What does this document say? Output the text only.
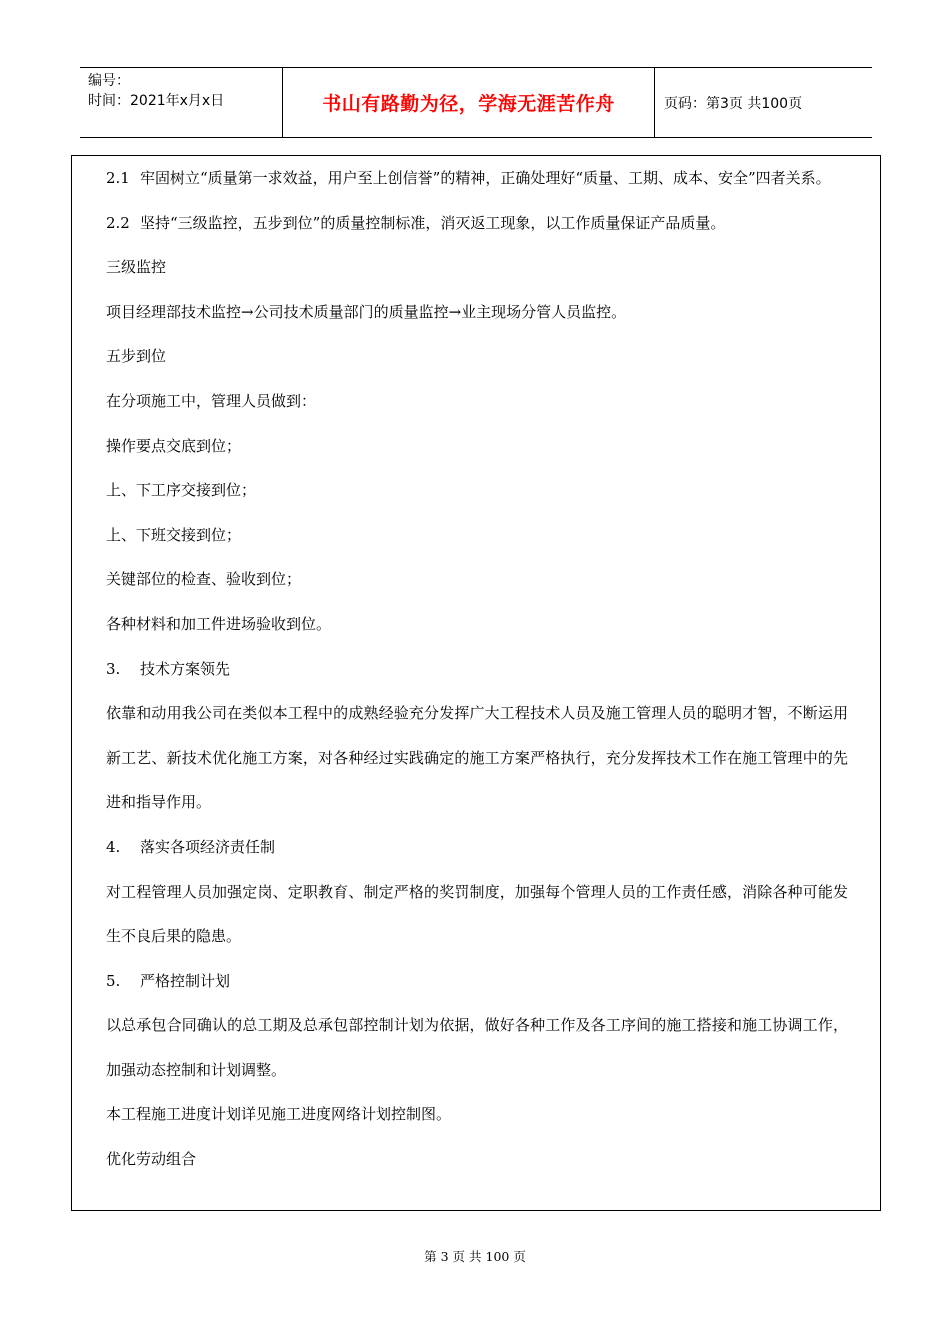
编号：
时间：2021年x月x日	书山有路勤为径，学海无涯苦作舟	页码：第3页 共100页

2.1 牢固树立“质量第一求效益，用户至上创信誉”的精神，正确处理好“质量、工期、成本、安全”四者关系。

2.2 坚持“三级监控，五步到位”的质量控制标准，消灭返工现象，以工作质量保证产品质量。

三级监控

项目经理部技术监控→公司技术质量部门的质量监控→业主现场分管人员监控。

五步到位

在分项施工中，管理人员做到：

操作要点交底到位；

上、下工序交接到位；

上、下班交接到位；

关键部位的检查、验收到位；

各种材料和加工件进场验收到位。

3. 技术方案领先

依靠和动用我公司在类似本工程中的成熟经验充分发挥广大工程技术人员及施工管理人员的聪明才智，不断运用新工艺、新技术优化施工方案，对各种经过实践确定的施工方案严格执行，充分发挥技术工作在施工管理中的先进和指导作用。

4. 落实各项经济责任制

对工程管理人员加强定岗、定职教育、制定严格的奖罚制度，加强每个管理人员的工作责任感，消除各种可能发生不良后果的隐患。

5. 严格控制计划

以总承包合同确认的总工期及总承包部控制计划为依据，做好各种工作及各工序间的施工搭接和施工协调工作，加强动态控制和计划调整。

本工程施工进度计划详见施工进度网络计划控制图。

优化劳动组合

第 3 页 共 100 页
